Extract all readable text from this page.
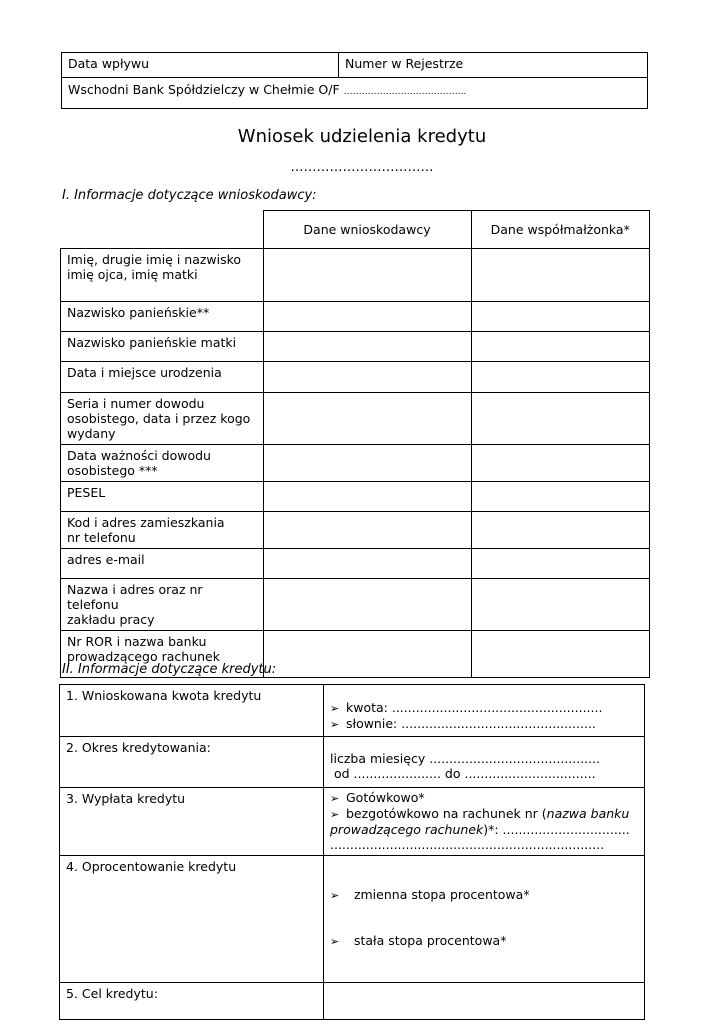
Data wpływu	Numer w Rejestrze

Wschodni Bank Spółdzielczy w Chełmie O/F …………………………………..
Wniosek udzielenia kredytu
……………………………
I. Informacje dotyczące wnioskodawcy:
	Dane wnioskodawcy	Dane współmałżonka*

Imię, drugie imię i nazwisko
imię ojca, imię matki		

Nazwisko panieńskie**		

Nazwisko panieńskie matki		

Data i miejsce urodzenia		

Seria i numer dowodu
osobistego, data i przez kogo
wydany		

Data ważności dowodu
osobistego ***		

PESEL		

Kod i adres zamieszkania
nr telefonu		

adres e-mail		

Nazwa i adres oraz nr telefonu
zakładu pracy		

Nr ROR i nazwa banku
prowadzącego rachunek		

II. Informacje dotyczące kredytu:
1. Wnioskowana kwota kredytu	➢ kwota: .....................................................
➢ słownie: .................................................

2. Okres kredytowania:	liczba miesięcy ...........................................
od ...................... do .................................

3. Wypłata kredytu	➢ Gotówkowo*
➢ bezgotówkowo na rachunek nr (nazwa banku
prowadzącego rachunek)*: ................................
.....................................................................

4. Oprocentowanie kredytu	➢  zmienna stopa procentowa*

➢  stała stopa procentowa*

5. Cel kredytu:	
